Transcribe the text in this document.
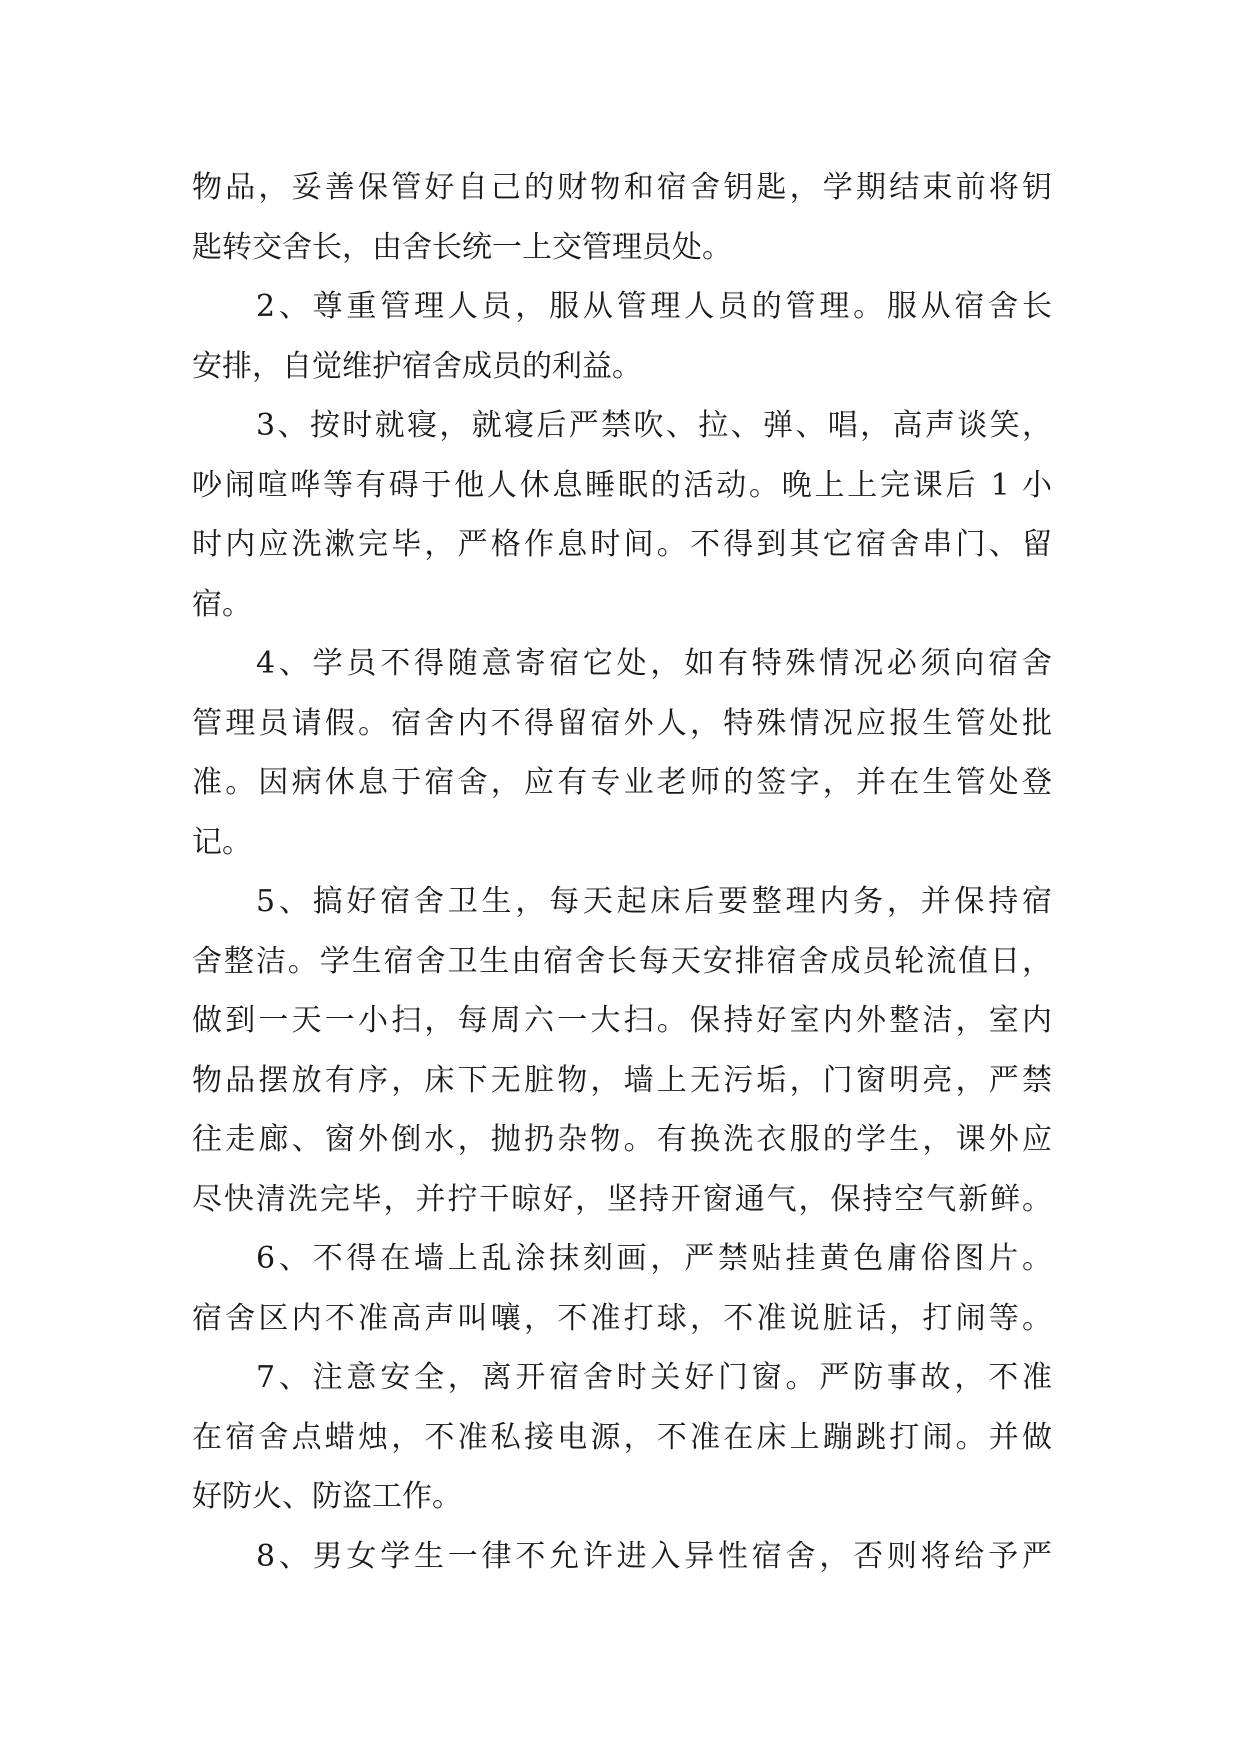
物品，妥善保管好自己的财物和宿舍钥匙，学期结束前将钥
匙转交舍长，由舍长统一上交管理员处。
2、尊重管理人员，服从管理人员的管理。服从宿舍长
安排，自觉维护宿舍成员的利益。
3、按时就寝，就寝后严禁吹、拉、弹、唱，高声谈笑，
吵闹喧哗等有碍于他人休息睡眠的活动。晚上上完课后 1 小
时内应洗漱完毕，严格作息时间。不得到其它宿舍串门、留
宿。
4、学员不得随意寄宿它处，如有特殊情况必须向宿舍
管理员请假。宿舍内不得留宿外人，特殊情况应报生管处批
准。因病休息于宿舍，应有专业老师的签字，并在生管处登
记。
5、搞好宿舍卫生，每天起床后要整理内务，并保持宿
舍整洁。学生宿舍卫生由宿舍长每天安排宿舍成员轮流值日，
做到一天一小扫，每周六一大扫。保持好室内外整洁，室内
物品摆放有序，床下无脏物，墙上无污垢，门窗明亮，严禁
往走廊、窗外倒水，抛扔杂物。有换洗衣服的学生，课外应
尽快清洗完毕，并拧干晾好，坚持开窗通气，保持空气新鲜。
6、不得在墙上乱涂抹刻画，严禁贴挂黄色庸俗图片。
宿舍区内不准高声叫嚷，不准打球，不准说脏话，打闹等。
7、注意安全，离开宿舍时关好门窗。严防事故，不准
在宿舍点蜡烛，不准私接电源，不准在床上蹦跳打闹。并做
好防火、防盗工作。
8、男女学生一律不允许进入异性宿舍，否则将给予严
